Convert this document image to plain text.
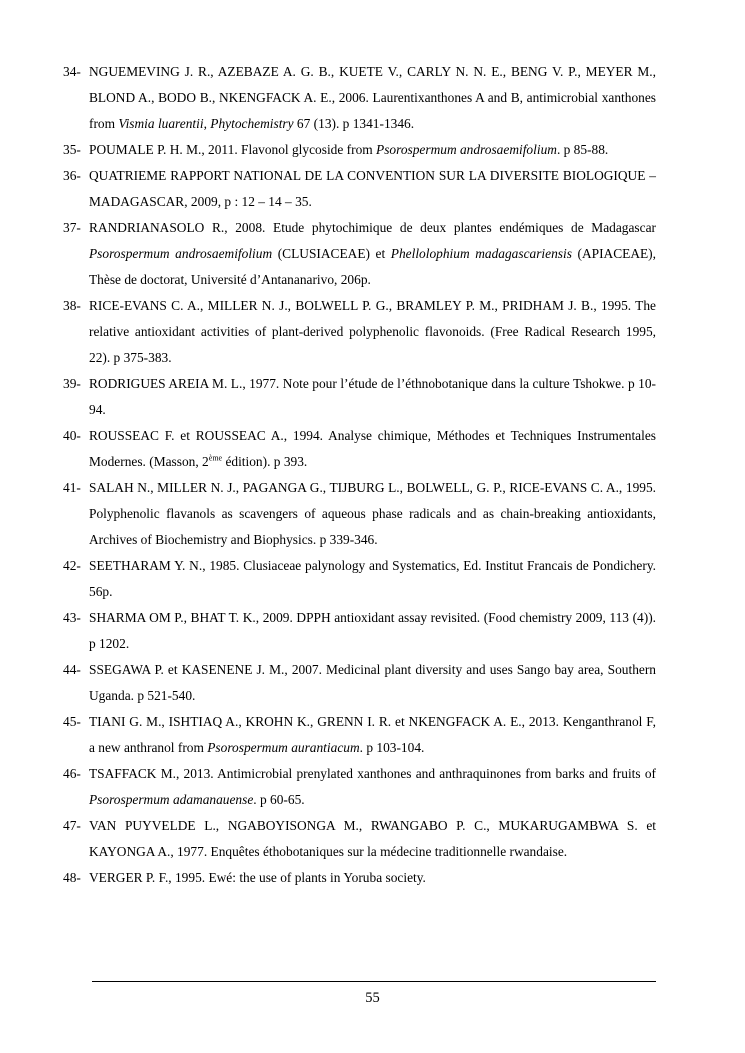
34- NGUEMEVING J. R., AZEBAZE A. G. B., KUETE V., CARLY N. N. E., BENG V. P., MEYER M., BLOND A., BODO B., NKENGFACK A. E., 2006. Laurentixanthones A and B, antimicrobial xanthones from Vismia luarentii, Phytochemistry 67 (13). p 1341-1346.
35- POUMALE P. H. M., 2011. Flavonol glycoside from Psorospermum androsaemifolium. p 85-88.
36- QUATRIEME RAPPORT NATIONAL DE LA CONVENTION SUR LA DIVERSITE BIOLOGIQUE – MADAGASCAR, 2009, p : 12 – 14 – 35.
37- RANDRIANASOLO R., 2008. Etude phytochimique de deux plantes endémiques de Madagascar Psorospermum androsaemifolium (CLUSIACEAE) et Phellolophium madagascariensis (APIACEAE), Thèse de doctorat, Université d’Antananarivo, 206p.
38- RICE-EVANS C. A., MILLER N. J., BOLWELL P. G., BRAMLEY P. M., PRIDHAM J. B., 1995. The relative antioxidant activities of plant-derived polyphenolic flavonoids. (Free Radical Research 1995, 22). p 375-383.
39- RODRIGUES AREIA M. L., 1977. Note pour l’étude de l’éthnobotanique dans la culture Tshokwe. p 10-94.
40- ROUSSEAC F. et ROUSSEAC A., 1994. Analyse chimique, Méthodes et Techniques Instrumentales Modernes. (Masson, 2ème édition). p 393.
41- SALAH N., MILLER N. J., PAGANGA G., TIJBURG L., BOLWELL, G. P., RICE-EVANS C. A., 1995. Polyphenolic flavanols as scavengers of aqueous phase radicals and as chain-breaking antioxidants, Archives of Biochemistry and Biophysics. p 339-346.
42- SEETHARAM Y. N., 1985. Clusiaceae palynology and Systematics, Ed. Institut Francais de Pondichery. 56p.
43- SHARMA OM P., BHAT T. K., 2009. DPPH antioxidant assay revisited. (Food chemistry 2009, 113 (4)). p 1202.
44- SSEGAWA P. et KASENENE J. M., 2007. Medicinal plant diversity and uses Sango bay area, Southern Uganda. p 521-540.
45- TIANI G. M., ISHTIAQ A., KROHN K., GRENN I. R. et NKENGFACK A. E., 2013. Kenganthranol F, a new anthranol from Psorospermum aurantiacum. p 103-104.
46- TSAFFACK M., 2013. Antimicrobial prenylated xanthones and anthraquinones from barks and fruits of Psorospermum adamanauense. p 60-65.
47- VAN PUYVELDE L., NGABOYISONGA M., RWANGABO P. C., MUKARUGAMBWA S. et KAYONGA A., 1977. Enquêtes éthobotaniques sur la médecine traditionnelle rwandaise.
48- VERGER P. F., 1995. Ewé: the use of plants in Yoruba society.
55
